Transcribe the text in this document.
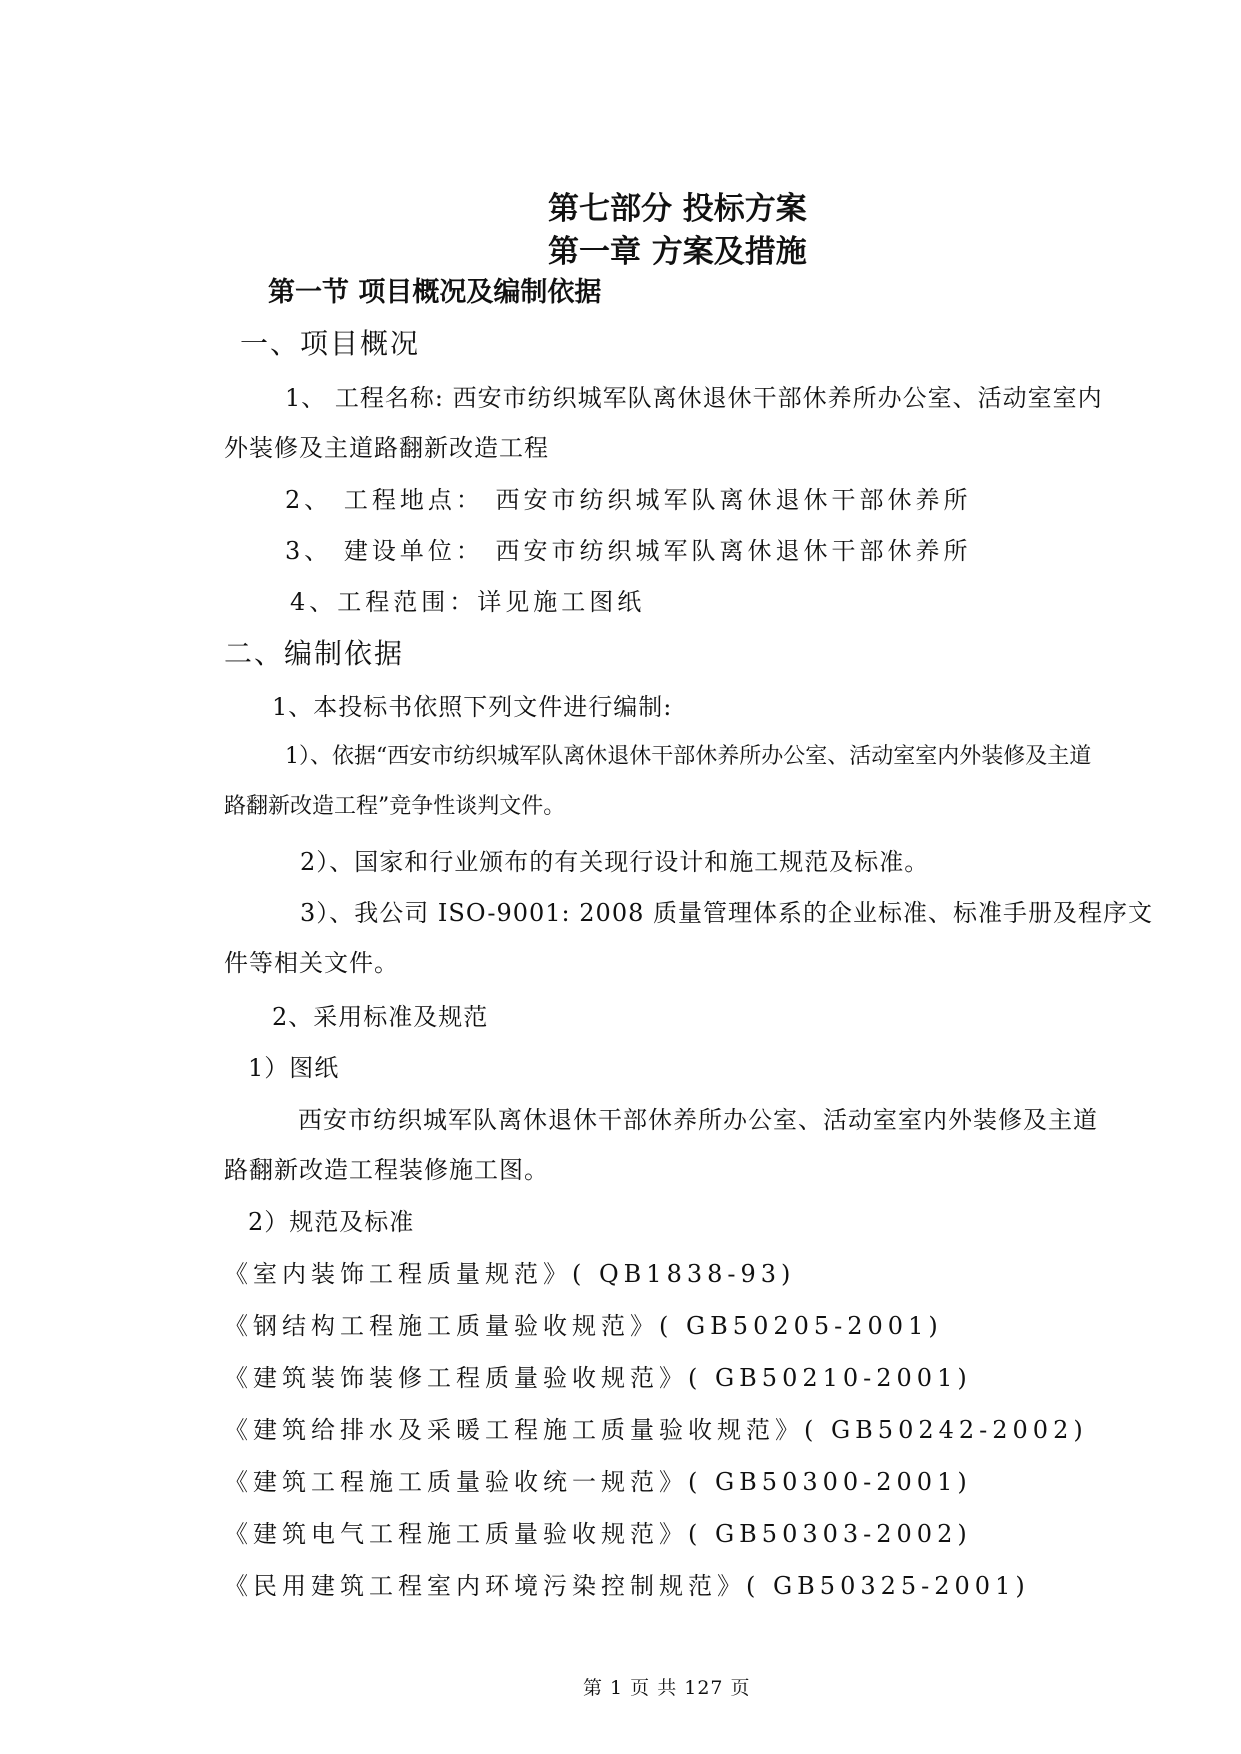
第七部分 投标方案
第一章 方案及措施
第一节 项目概况及编制依据
一、项目概况
1、 工程名称: 西安市纺织城军队离休退休干部休养所办公室、活动室室内
外装修及主道路翻新改造工程
2、 工程地点： 西安市纺织城军队离休退休干部休养所
3、 建设单位： 西安市纺织城军队离休退休干部休养所
4、工程范围：详见施工图纸
二、编制依据
1、本投标书依照下列文件进行编制:
1）、依据“西安市纺织城军队离休退休干部休养所办公室、活动室室内外装修及主道
路翻新改造工程”竞争性谈判文件。
2）、国家和行业颁布的有关现行设计和施工规范及标准。
3）、我公司 ISO-9001: 2008 质量管理体系的企业标准、标准手册及程序文
件等相关文件。
2、采用标准及规范
1）图纸
西安市纺织城军队离休退休干部休养所办公室、活动室室内外装修及主道
路翻新改造工程装修施工图。
2）规范及标准
《室内装饰工程质量规范》( QB1838-93)
《钢结构工程施工质量验收规范》( GB50205-2001)
《建筑装饰装修工程质量验收规范》( GB50210-2001)
《建筑给排水及采暖工程施工质量验收规范》( GB50242-2002)
《建筑工程施工质量验收统一规范》( GB50300-2001)
《建筑电气工程施工质量验收规范》( GB50303-2002)
《民用建筑工程室内环境污染控制规范》( GB50325-2001)
第 1 页 共 127 页
